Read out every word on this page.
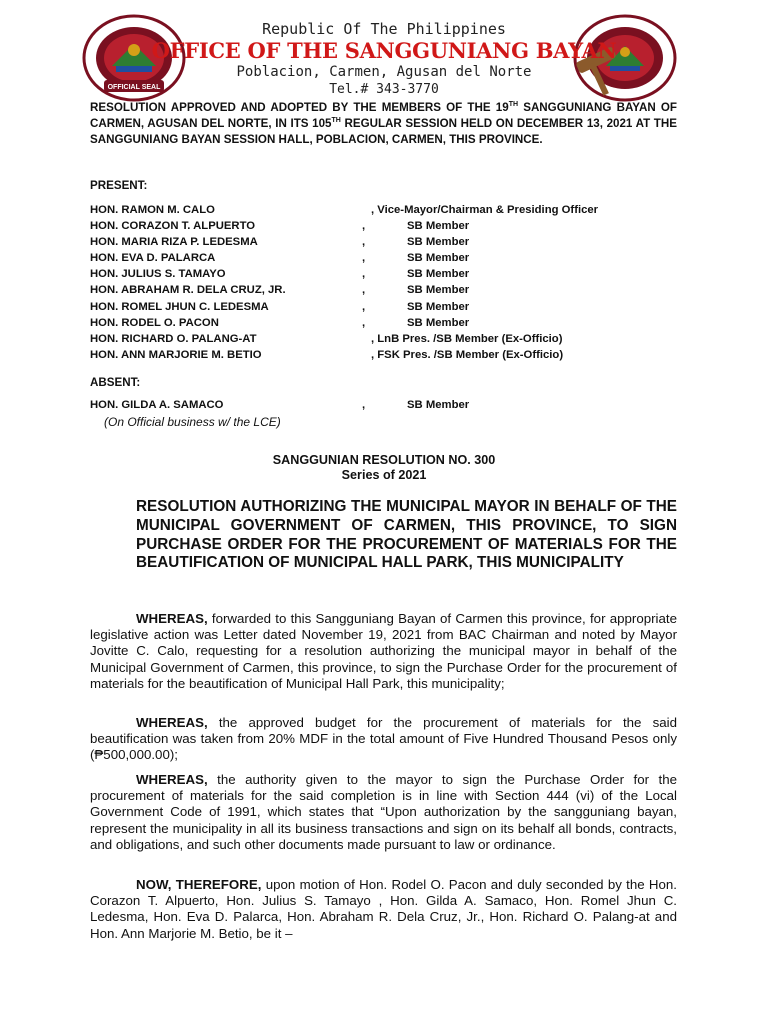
OFFICIAL SEAL
Republic Of The Philippines
OFFICE OF THE SANGGUNIANG BAYAN
Poblacion, Carmen, Agusan del Norte
Tel.# 343-3770
RESOLUTION APPROVED AND ADOPTED BY THE MEMBERS OF THE 19TH SANGGUNIANG BAYAN OF CARMEN, AGUSAN DEL NORTE, IN ITS 105TH REGULAR SESSION HELD ON DECEMBER 13, 2021 AT THE SANGGUNIANG BAYAN SESSION HALL, POBLACION, CARMEN, THIS PROVINCE.
PRESENT:
HON. RAMON M. CALO	, Vice-Mayor/Chairman & Presiding Officer
HON. CORAZON T. ALPUERTO	,	SB Member
HON. MARIA RIZA P. LEDESMA	,	SB Member
HON. EVA D. PALARCA	,	SB Member
HON. JULIUS S. TAMAYO	,	SB Member
HON. ABRAHAM R. DELA CRUZ, JR.	,	SB Member
HON. ROMEL JHUN C. LEDESMA	,	SB Member
HON. RODEL O. PACON	,	SB Member
HON. RICHARD O. PALANG-AT	, LnB Pres. /SB Member (Ex-Officio)
HON. ANN MARJORIE M. BETIO	, FSK Pres. /SB Member (Ex-Officio)
ABSENT:
HON. GILDA A. SAMACO	,	SB Member
(On Official business w/ the LCE)
SANGGUNIAN RESOLUTION NO. 300
Series of 2021
RESOLUTION AUTHORIZING THE MUNICIPAL MAYOR IN BEHALF OF THE MUNICIPAL GOVERNMENT OF CARMEN, THIS PROVINCE, TO SIGN PURCHASE ORDER FOR THE PROCUREMENT OF MATERIALS FOR THE BEAUTIFICATION OF MUNICIPAL HALL PARK, THIS MUNICIPALITY
WHEREAS, forwarded to this Sangguniang Bayan of Carmen this province, for appropriate legislative action was Letter dated November 19, 2021 from BAC Chairman and noted by Mayor Jovitte C. Calo, requesting for a resolution authorizing the municipal mayor in behalf of the Municipal Government of Carmen, this province, to sign the Purchase Order for the procurement of materials for the beautification of Municipal Hall Park, this municipality;
WHEREAS, the approved budget for the procurement of materials for the said beautification was taken from 20% MDF in the total amount of Five Hundred Thousand Pesos only (₱500,000.00);
WHEREAS, the authority given to the mayor to sign the Purchase Order for the procurement of materials for the said completion is in line with Section 444 (vi) of the Local Government Code of 1991, which states that “Upon authorization by the sangguniang bayan, represent the municipality in all its business transactions and sign on its behalf all bonds, contracts, and obligations, and such other documents made pursuant to law or ordinance.
NOW, THEREFORE, upon motion of Hon. Rodel O. Pacon and duly seconded by the Hon. Corazon T. Alpuerto, Hon. Julius S. Tamayo , Hon. Gilda A. Samaco, Hon. Romel Jhun C. Ledesma, Hon. Eva D. Palarca, Hon. Abraham R. Dela Cruz, Jr., Hon. Richard O. Palang-at and Hon. Ann Marjorie M. Betio, be it –
